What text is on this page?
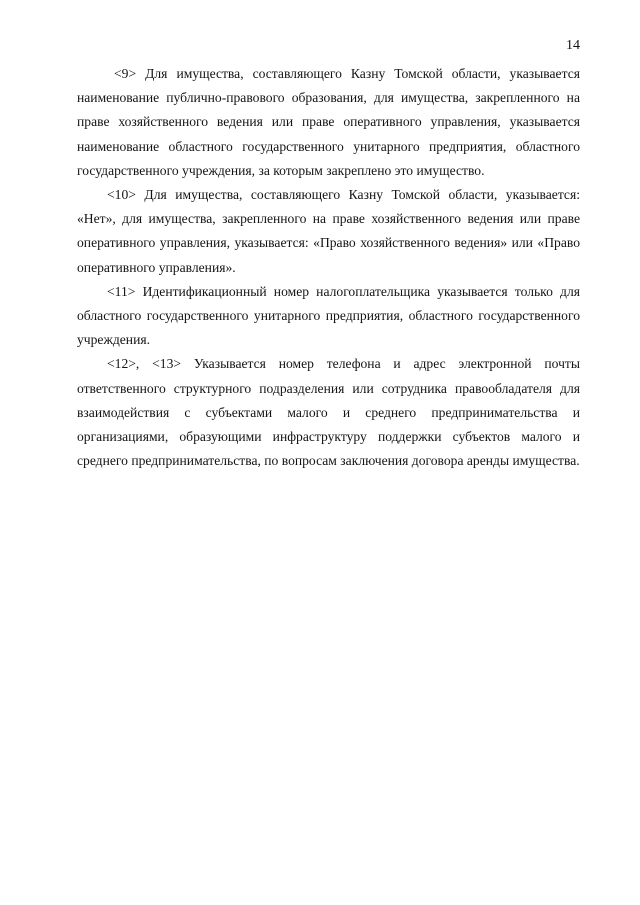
14

<9> Для имущества, составляющего Казну Томской области, указывается наименование публично-правового образования, для имущества, закрепленного на праве хозяйственного ведения или праве оперативного управления, указывается наименование областного государственного унитарного предприятия, областного государственного учреждения, за которым закреплено это имущество.

<10> Для имущества, составляющего Казну Томской области, указывается: «Нет», для имущества, закрепленного на праве хозяйственного ведения или праве оперативного управления, указывается: «Право хозяйственного ведения» или «Право оперативного управления».

<11> Идентификационный номер налогоплательщика указывается только для областного государственного унитарного предприятия, областного государственного учреждения.

<12>, <13> Указывается номер телефона и адрес электронной почты ответственного структурного подразделения или сотрудника правообладателя для взаимодействия с субъектами малого и среднего предпринимательства и организациями, образующими инфраструктуру поддержки субъектов малого и среднего предпринимательства, по вопросам заключения договора аренды имущества.
